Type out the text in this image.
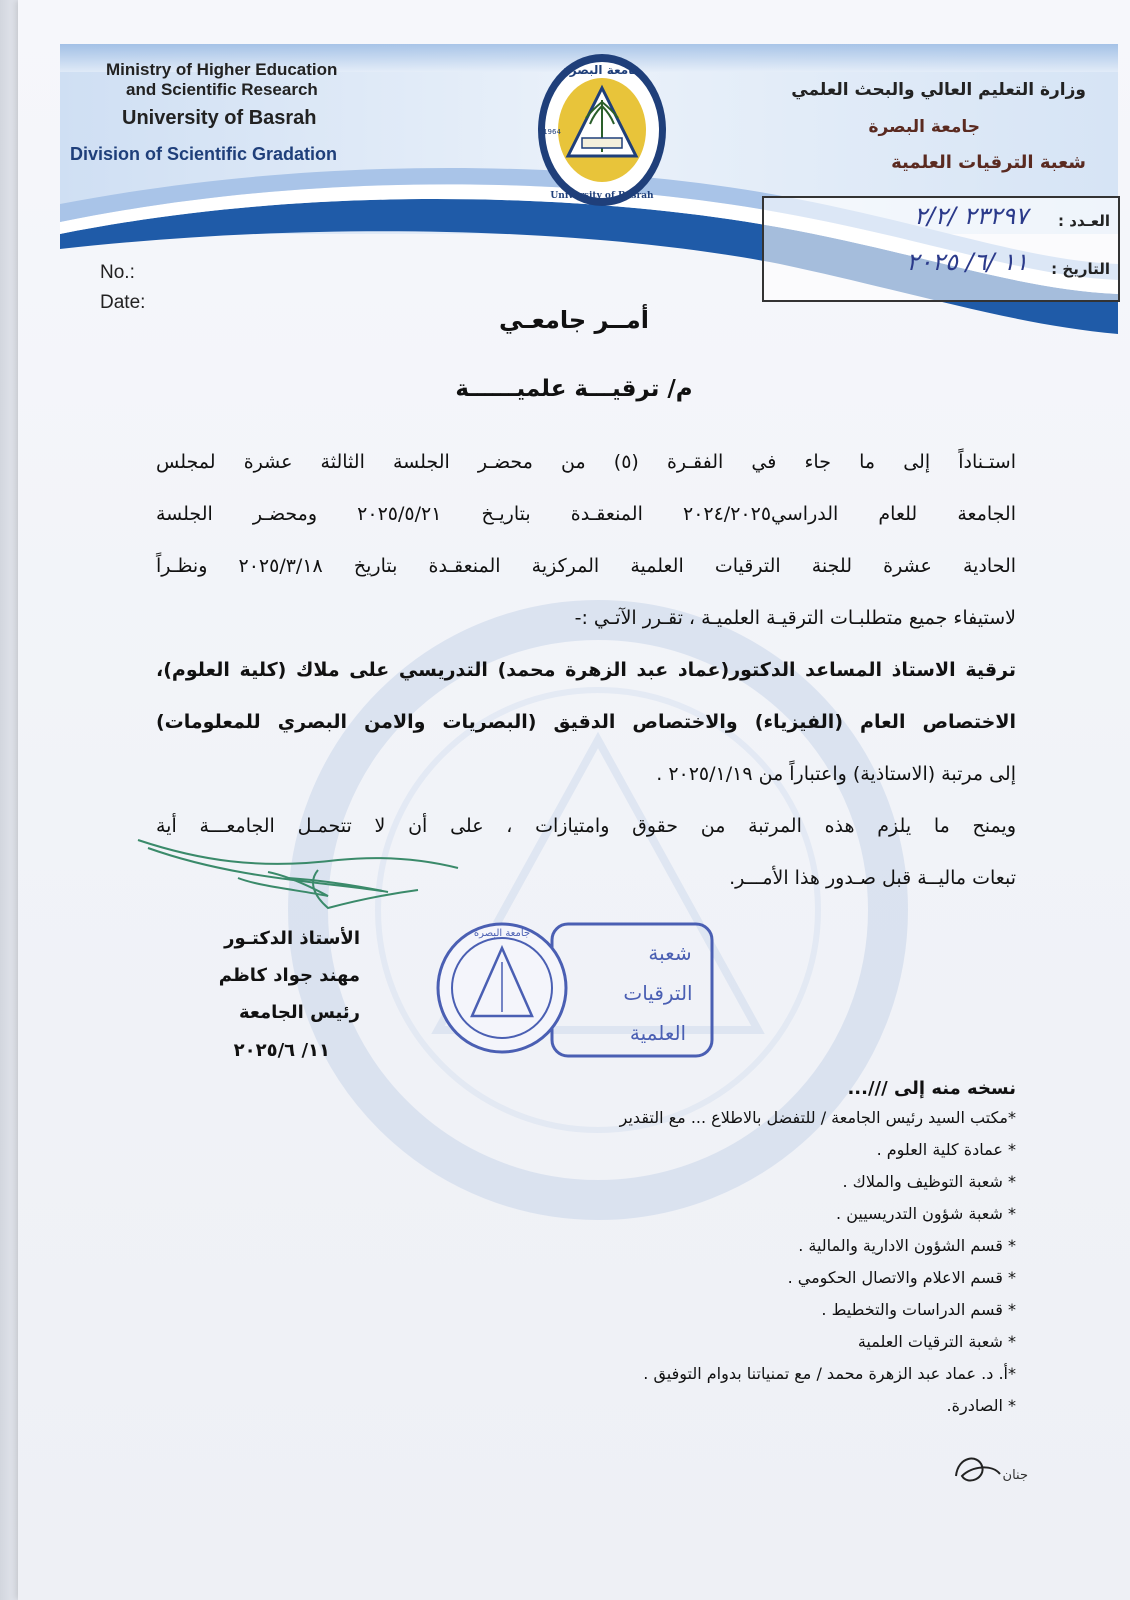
جامعة البصرة
University of Basrah
1964
Ministry of Higher Education
and Scientific Research
University of Basrah
Division of Scientific Gradation
وزارة التعليم العالي والبحث العلمي
جامعة البصرة
شعبة الترقيات العلمية
العـدد :
٢٣٢٩٧ /٢/٢
التاريخ :
١١ /٦/ ٢٠٢٥
No.:
Date:
أمــر جامعـي
م/ ترقيـــة علميــــــة
استـناداً إلى ما جاء في الفقـرة (٥) من محضـر الجلسة الثالثة عشرة لمجلس
الجامعة للعام الدراسي٢٠٢٤/٢٠٢٥ المنعقـدة بتاريـخ ٢٠٢٥/٥/٢١ ومحضـر الجلسة
الحادية عشرة للجنة الترقيات العلمية المركزية المنعقـدة بتاريخ ٢٠٢٥/٣/١٨ ونظـراً
لاستيفاء جميع متطلبـات الترقيـة العلميـة ، تقـرر الآتـي :-
ترقية الاستاذ المساعد الدكتور(عماد عبد الزهرة محمد) التدريسي على ملاك (كلية العلوم)،
الاختصاص العام (الفيزياء) والاختصاص الدقيق (البصريات والامن البصري للمعلومات)
إلى مرتبة (الاستاذية) واعتباراً من ٢٠٢٥/١/١٩ .
ويمنح ما يلزم هذه المرتبة من حقوق وامتيازات ، على أن لا تتحمـل الجامعـــة أية
تبعات ماليــة قبل صـدور هذا الأمـــر.
الأستاذ الدكتـور
مهند جواد كاظم
رئيس الجامعة
١١/ ٢٠٢٥/٦
جامعة البصرة
شعبة
الترقيات
العلمية
نسخه منه إلى ///...
*مكتب السيد رئيس الجامعة / للتفضل بالاطلاع ... مع التقدير
* عمادة كلية العلوم .
* شعبة التوظيف والملاك .
* شعبة شؤون التدريسيين .
* قسم الشؤون الادارية والمالية .
* قسم الاعلام والاتصال الحكومي .
* قسم الدراسات والتخطيط .
* شعبة الترقيات العلمية
*أ. د. عماد عبد الزهرة محمد / مع تمنياتنا بدوام التوفيق .
* الصادرة.
جنان
